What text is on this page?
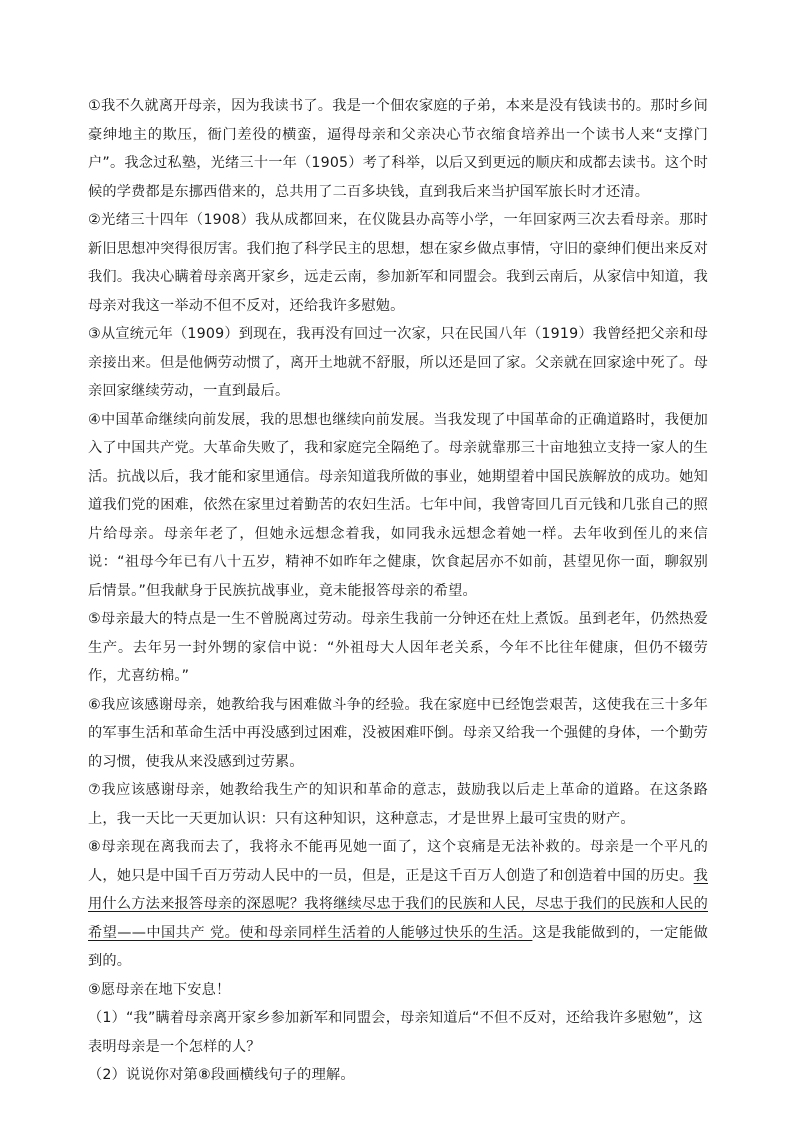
①我不久就离开母亲，因为我读书了。我是一个佃农家庭的子弟，本来是没有钱读书的。那时乡间豪绅地主的欺压，衙门差役的横蛮，逼得母亲和父亲决心节衣缩食培养出一个读书人来“支撑门户”。我念过私塾，光绪三十一年（1905）考了科举，以后又到更远的顺庆和成都去读书。这个时候的学费都是东挪西借来的，总共用了二百多块钱，直到我后来当护国军旅长时才还清。

②光绪三十四年（1908）我从成都回来，在仪陇县办高等小学，一年回家两三次去看母亲。那时新旧思想冲突得很厉害。我们抱了科学民主的思想，想在家乡做点事情，守旧的豪绅们便出来反对我们。我决心瞒着母亲离开家乡，远走云南，参加新军和同盟会。我到云南后，从家信中知道，我母亲对我这一举动不但不反对，还给我许多慰勉。

③从宣统元年（1909）到现在，我再没有回过一次家，只在民国八年（1919）我曾经把父亲和母亲接出来。但是他俩劳动惯了，离开土地就不舒服，所以还是回了家。父亲就在回家途中死了。母亲回家继续劳动，一直到最后。

④中国革命继续向前发展，我的思想也继续向前发展。当我发现了中国革命的正确道路时，我便加入了中国共产党。大革命失败了，我和家庭完全隔绝了。母亲就靠那三十亩地独立支持一家人的生活。抗战以后，我才能和家里通信。母亲知道我所做的事业，她期望着中国民族解放的成功。她知道我们党的困难，依然在家里过着勤苦的农妇生活。七年中间，我曾寄回几百元钱和几张自己的照片给母亲。母亲年老了，但她永远想念着我，如同我永远想念着她一样。去年收到侄儿的来信说：“祖母今年已有八十五岁，精神不如昨年之健康，饮食起居亦不如前，甚望见你一面，聊叙别后情景。”但我献身于民族抗战事业，竟未能报答母亲的希望。

⑤母亲最大的特点是一生不曾脱离过劳动。母亲生我前一分钟还在灶上煮饭。虽到老年，仍然热爱生产。去年另一封外甥的家信中说：“外祖母大人因年老关系，今年不比往年健康，但仍不辍劳作，尤喜纺棉。”

⑥我应该感谢母亲，她教给我与困难做斗争的经验。我在家庭中已经饱尝艰苦，这使我在三十多年的军事生活和革命生活中再没感到过困难，没被困难吓倒。母亲又给我一个强健的身体，一个勤劳的习惯，使我从来没感到过劳累。

⑦我应该感谢母亲，她教给我生产的知识和革命的意志，鼓励我以后走上革命的道路。在这条路上，我一天比一天更加认识：只有这种知识，这种意志，才是世界上最可宝贵的财产。

⑧母亲现在离我而去了，我将永不能再见她一面了，这个哀痛是无法补救的。母亲是一个平凡的人，她只是中国千百万劳动人民中的一员，但是，正是这千百万人创造了和创造着中国的历史。我用什么方法来报答母亲的深恩呢？我将继续尽忠于我们的民族和人民，尽忠于我们的民族和人民的希望——中国共产 党。使和母亲同样生活着的人能够过快乐的生活。这是我能做到的，一定能做到的。

⑨愿母亲在地下安息！

（1）“我”瞒着母亲离开家乡参加新军和同盟会，母亲知道后“不但不反对，还给我许多慰勉”，这表明母亲是一个怎样的人？

（2）说说你对第⑧段画横线句子的理解。
